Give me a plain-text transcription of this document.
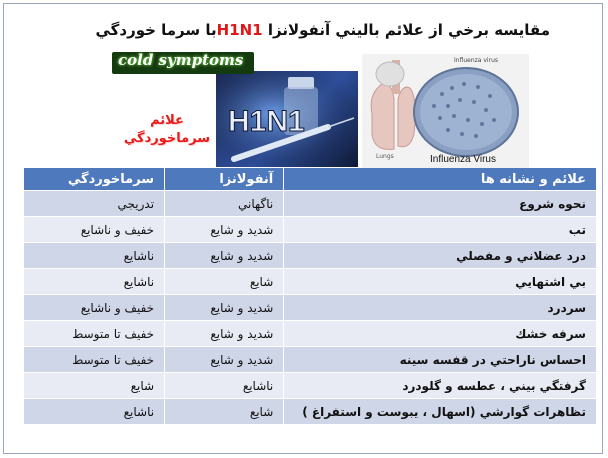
مقايسه برخي از علائم باليني آنفولانزا H1N1با سرما خوردگي
H1N1
Lungs
Influenza virus
Influenza Virus
cold symptoms
علائم
سرماخوردگي
علائم و نشانه ها	آنفولانزا	سرماخوردگي
نحوه شروع	ناگهاني	تدريجي
تب	شديد و شايع	خفيف و ناشايع
درد عضلاني و مفصلي	شديد و شايع	ناشايع
بي اشتهايي	شايع	ناشايع
سردرد	شديد و شايع	خفيف و ناشايع
سرفه خشك	شديد و شايع	خفيف تا متوسط
احساس ناراحتي در قفسه سينه	شديد و شايع	خفيف تا متوسط
گرفتگي بيني ، عطسه و گلودرد	ناشايع	شايع
تظاهرات گوارشي (اسهال ، يبوست و استفراغ )	شايع	ناشايع
